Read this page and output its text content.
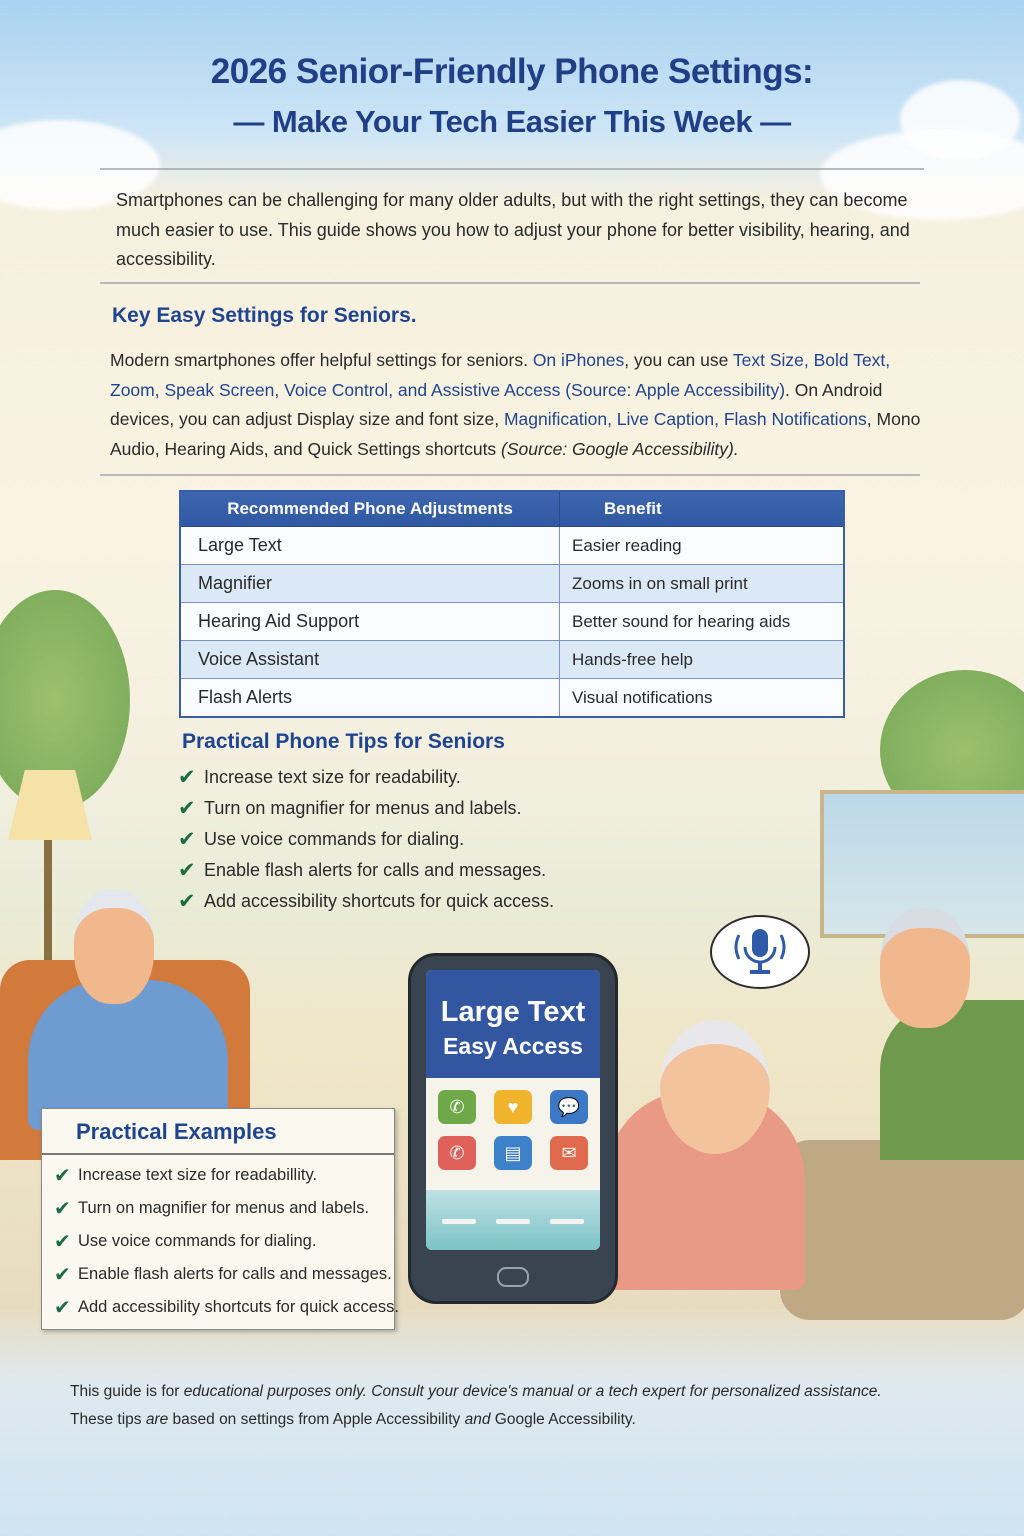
2026 Senior-Friendly Phone Settings:
— Make Your Tech Easier This Week —
Smartphones can be challenging for many older adults, but with the right settings, they can become much easier to use. This guide shows you how to adjust your phone for better visibility, hearing, and accessibility.
Key Easy Settings for Seniors.
Modern smartphones offer helpful settings for seniors. On iPhones, you can use Text Size, Bold Text, Zoom, Speak Screen, Voice Control, and Assistive Access (Source: Apple Accessibility). On Android devices, you can adjust Display size and font size, Magnification, Live Caption, Flash Notifications, Mono Audio, Hearing Aids, and Quick Settings shortcuts (Source: Google Accessibility).
Recommended Phone Adjustments	Benefit
Large Text	Easier reading
Magnifier	Zooms in on small print
Hearing Aid Support	Better sound for hearing aids
Voice Assistant	Hands-free help
Flash Alerts	Visual notifications
Practical Phone Tips for Seniors
✔ Increase text size for readability.
✔ Turn on magnifier for menus and labels.
✔ Use voice commands for dialing.
✔ Enable flash alerts for calls and messages.
✔ Add accessibility shortcuts for quick access.
Large Text
Easy Access
✆	♥	💬
✆	▤	✉
Practical Examples
✔ Increase text size for readabillity.
✔ Turn on magnifier for menus and labels.
✔ Use voice commands for dialing.
✔ Enable flash alerts for calls and messages.
✔ Add accessibility shortcuts for quick access.
This guide is for educational purposes only. Consult your device's manual or a tech expert for personalized assistance.
These tips are based on settings from Apple Accessibility and Google Accessibility.
